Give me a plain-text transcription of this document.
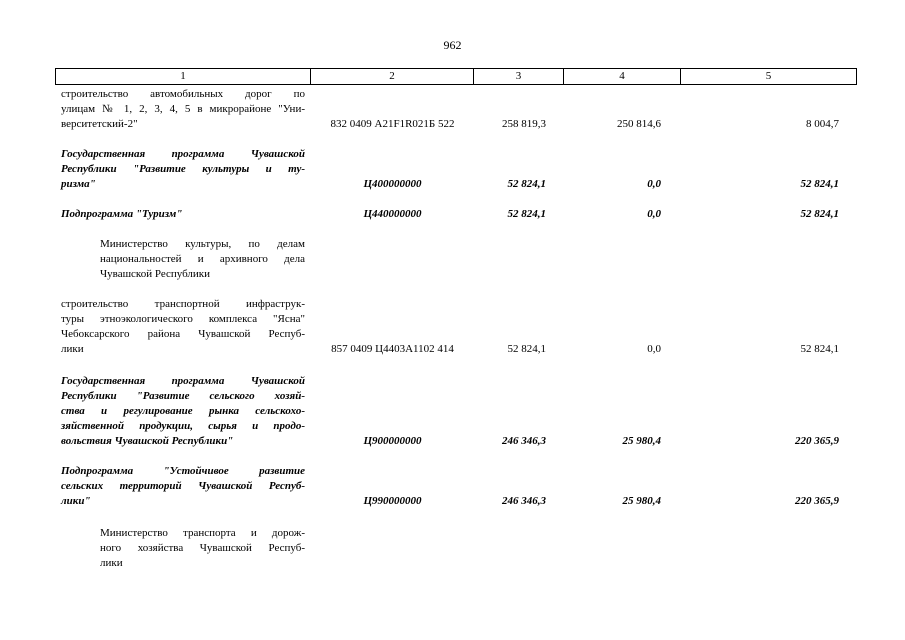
962
1	2	3	4	5
строительство автомобильных дорог по
улицам № 1, 2, 3, 4, 5 в микрорайоне "Уни-
верситетский-2"	832 0409 А21F1R021Б 522	258 819,3	250 814,6	8 004,7
Государственная программа Чувашской
Республики "Развитие культуры и ту-
ризма"	Ц400000000	52 824,1	0,0	52 824,1
Подпрограмма "Туризм"	Ц440000000	52 824,1	0,0	52 824,1
Министерство культуры, по делам
национальностей и архивного дела
Чувашской Республики
строительство транспортной инфраструк-
туры этноэкологического комплекса "Ясна"
Чебоксарского района Чувашской Респуб-
лики	857 0409 Ц4403А1102 414	52 824,1	0,0	52 824,1
Государственная программа Чувашской
Республики "Развитие сельского хозяй-
ства и регулирование рынка сельскохо-
зяйственной продукции, сырья и продо-
вольствия Чувашской Республики"	Ц900000000	246 346,3	25 980,4	220 365,9
Подпрограмма "Устойчивое развитие
сельских территорий Чувашской Респуб-
лики"	Ц990000000	246 346,3	25 980,4	220 365,9
Министерство транспорта и дорож-
ного хозяйства Чувашской Респуб-
лики
